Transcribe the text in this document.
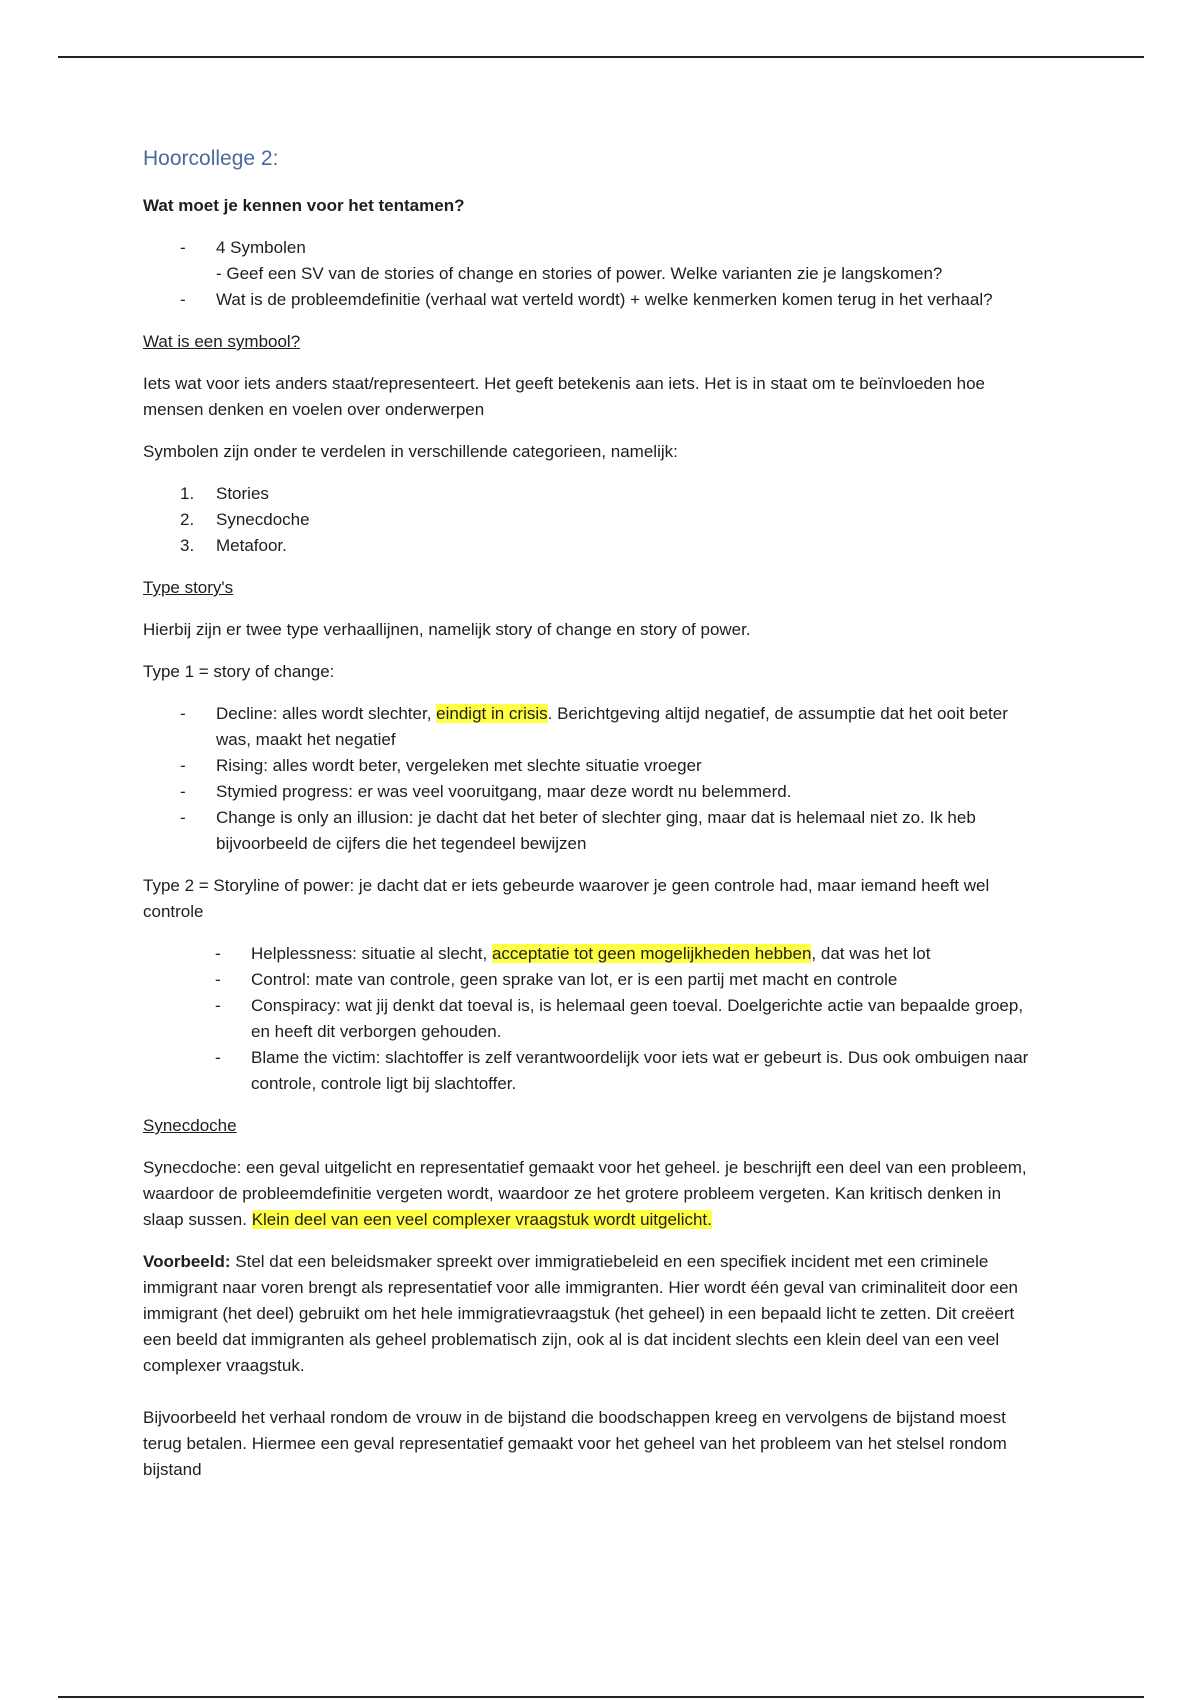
Hoorcollege 2:

Wat moet je kennen voor het tentamen?

- 4 Symbolen
- Geef een SV van de stories of change en stories of power. Welke varianten zie je langskomen?
- Wat is de probleemdefinitie (verhaal wat verteld wordt) + welke kenmerken komen terug in het verhaal?

Wat is een symbool?

Iets wat voor iets anders staat/representeert. Het geeft betekenis aan iets. Het is in staat om te beïnvloeden hoe mensen denken en voelen over onderwerpen

Symbolen zijn onder te verdelen in verschillende categorieen, namelijk:

1. Stories
2. Synecdoche
3. Metafoor.

Type story's

Hierbij zijn er twee type verhaallijnen, namelijk story of change en story of power.

Type 1 = story of change:

- Decline: alles wordt slechter, eindigt in crisis. Berichtgeving altijd negatief, de assumptie dat het ooit beter was, maakt het negatief
- Rising: alles wordt beter, vergeleken met slechte situatie vroeger
- Stymied progress: er was veel vooruitgang, maar deze wordt nu belemmerd.
- Change is only an illusion: je dacht dat het beter of slechter ging, maar dat is helemaal niet zo. Ik heb bijvoorbeeld de cijfers die het tegendeel bewijzen

Type 2 = Storyline of power: je dacht dat er iets gebeurde waarover je geen controle had, maar iemand heeft wel controle

- Helplessness: situatie al slecht, acceptatie tot geen mogelijkheden hebben, dat was het lot
- Control: mate van controle, geen sprake van lot, er is een partij met macht en controle
- Conspiracy: wat jij denkt dat toeval is, is helemaal geen toeval. Doelgerichte actie van bepaalde groep, en heeft dit verborgen gehouden.
- Blame the victim: slachtoffer is zelf verantwoordelijk voor iets wat er gebeurt is. Dus ook ombuigen naar controle, controle ligt bij slachtoffer.

Synecdoche

Synecdoche: een geval uitgelicht en representatief gemaakt voor het geheel. je beschrijft een deel van een probleem, waardoor de probleemdefinitie vergeten wordt, waardoor ze het grotere probleem vergeten. Kan kritisch denken in slaap sussen. Klein deel van een veel complexer vraagstuk wordt uitgelicht.

Voorbeeld: Stel dat een beleidsmaker spreekt over immigratiebeleid en een specifiek incident met een criminele immigrant naar voren brengt als representatief voor alle immigranten. Hier wordt één geval van criminaliteit door een immigrant (het deel) gebruikt om het hele immigratievraagstuk (het geheel) in een bepaald licht te zetten. Dit creëert een beeld dat immigranten als geheel problematisch zijn, ook al is dat incident slechts een klein deel van een veel complexer vraagstuk.

Bijvoorbeeld het verhaal rondom de vrouw in de bijstand die boodschappen kreeg en vervolgens de bijstand moest terug betalen. Hiermee een geval representatief gemaakt voor het geheel van het probleem van het stelsel rondom bijstand
